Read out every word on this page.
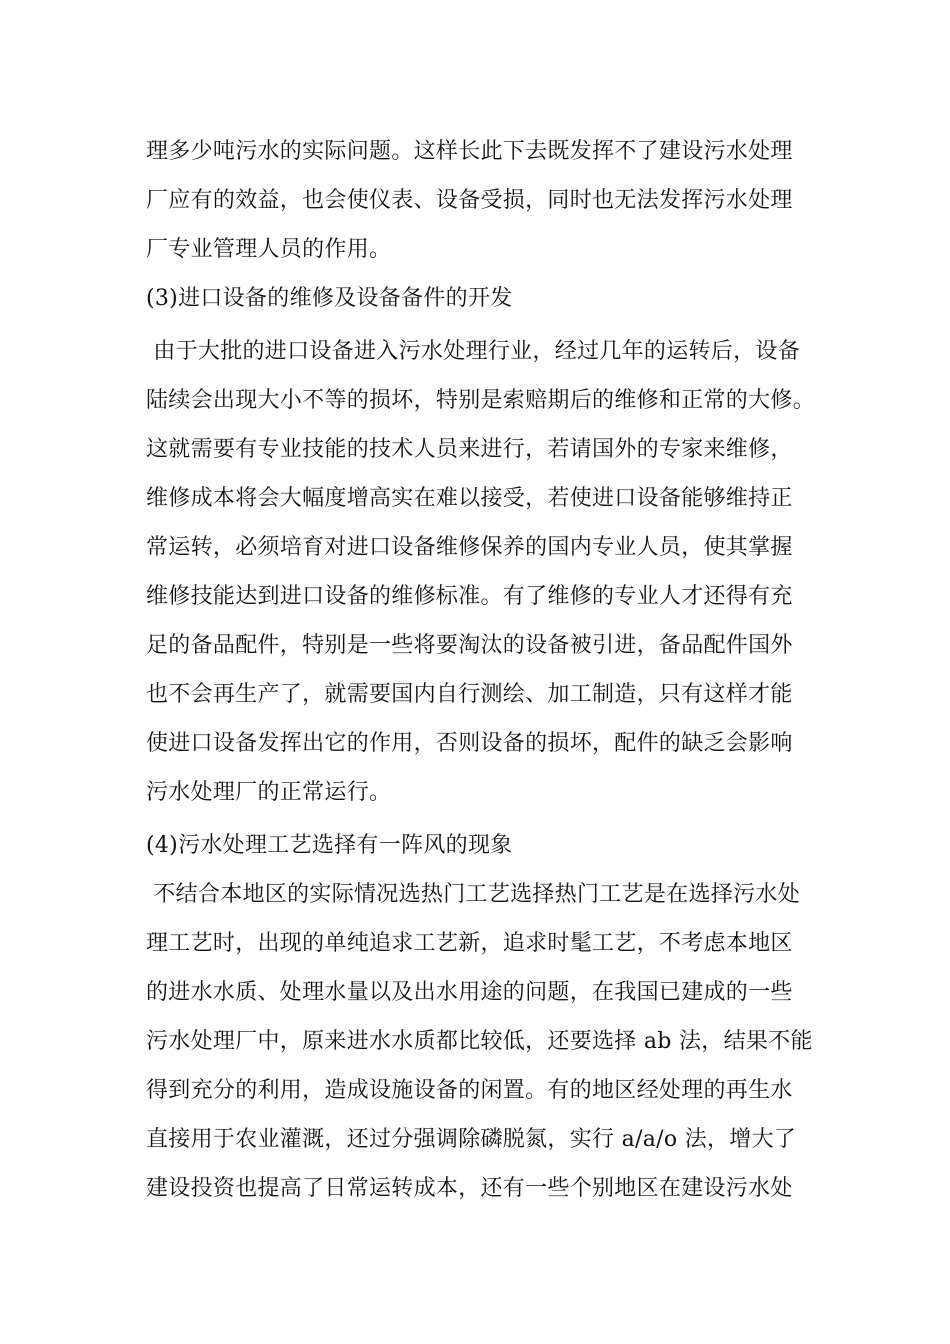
理多少吨污水的实际问题。这样长此下去既发挥不了建设污水处理
厂应有的效益，也会使仪表、设备受损，同时也无法发挥污水处理
厂专业管理人员的作用。
(3)进口设备的维修及设备备件的开发
由于大批的进口设备进入污水处理行业，经过几年的运转后，设备
陆续会出现大小不等的损坏，特别是索赔期后的维修和正常的大修。
这就需要有专业技能的技术人员来进行，若请国外的专家来维修，
维修成本将会大幅度增高实在难以接受，若使进口设备能够维持正
常运转，必须培育对进口设备维修保养的国内专业人员，使其掌握
维修技能达到进口设备的维修标准。有了维修的专业人才还得有充
足的备品配件，特别是一些将要淘汰的设备被引进，备品配件国外
也不会再生产了，就需要国内自行测绘、加工制造，只有这样才能
使进口设备发挥出它的作用，否则设备的损坏，配件的缺乏会影响
污水处理厂的正常运行。
(4)污水处理工艺选择有一阵风的现象
不结合本地区的实际情况选热门工艺选择热门工艺是在选择污水处
理工艺时，出现的单纯追求工艺新，追求时髦工艺，不考虑本地区
的进水水质、处理水量以及出水用途的问题，在我国已建成的一些
污水处理厂中，原来进水水质都比较低，还要选择 ab 法，结果不能
得到充分的利用，造成设施设备的闲置。有的地区经处理的再生水
直接用于农业灌溉，还过分强调除磷脱氮，实行 a/a/o 法，增大了
建设投资也提高了日常运转成本，还有一些个别地区在建设污水处
